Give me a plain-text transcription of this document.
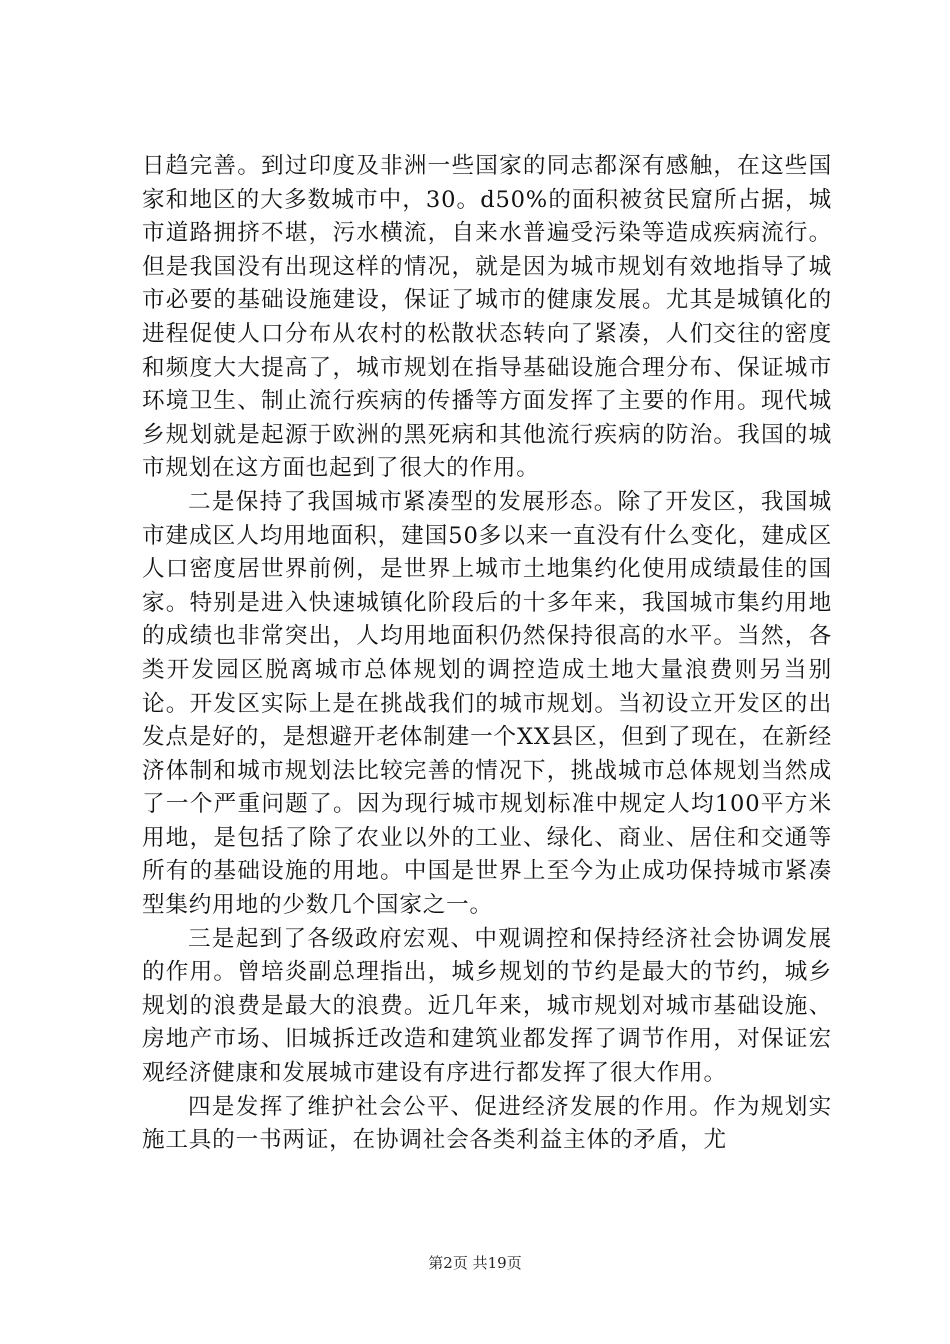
日趋完善。到过印度及非洲一些国家的同志都深有感触，在这些国家和地区的大多数城市中，30。d50%的面积被贫民窟所占据，城市道路拥挤不堪，污水横流，自来水普遍受污染等造成疾病流行。但是我国没有出现这样的情况，就是因为城市规划有效地指导了城市必要的基础设施建设，保证了城市的健康发展。尤其是城镇化的进程促使人口分布从农村的松散状态转向了紧凑，人们交往的密度和频度大大提高了，城市规划在指导基础设施合理分布、保证城市环境卫生、制止流行疾病的传播等方面发挥了主要的作用。现代城乡规划就是起源于欧洲的黑死病和其他流行疾病的防治。我国的城市规划在这方面也起到了很大的作用。

二是保持了我国城市紧凑型的发展形态。除了开发区，我国城市建成区人均用地面积，建国50多以来一直没有什么变化，建成区人口密度居世界前例，是世界上城市土地集约化使用成绩最佳的国家。特别是进入快速城镇化阶段后的十多年来，我国城市集约用地的成绩也非常突出，人均用地面积仍然保持很高的水平。当然，各类开发园区脱离城市总体规划的调控造成土地大量浪费则另当别论。开发区实际上是在挑战我们的城市规划。当初设立开发区的出发点是好的，是想避开老体制建一个XX县区，但到了现在，在新经济体制和城市规划法比较完善的情况下，挑战城市总体规划当然成了一个严重问题了。因为现行城市规划标准中规定人均100平方米用地，是包括了除了农业以外的工业、绿化、商业、居住和交通等所有的基础设施的用地。中国是世界上至今为止成功保持城市紧凑型集约用地的少数几个国家之一。

三是起到了各级政府宏观、中观调控和保持经济社会协调发展的作用。曾培炎副总理指出，城乡规划的节约是最大的节约，城乡规划的浪费是最大的浪费。近几年来，城市规划对城市基础设施、房地产市场、旧城拆迁改造和建筑业都发挥了调节作用，对保证宏观经济健康和发展城市建设有序进行都发挥了很大作用。

四是发挥了维护社会公平、促进经济发展的作用。作为规划实施工具的一书两证，在协调社会各类利益主体的矛盾，尤

第2页 共19页
